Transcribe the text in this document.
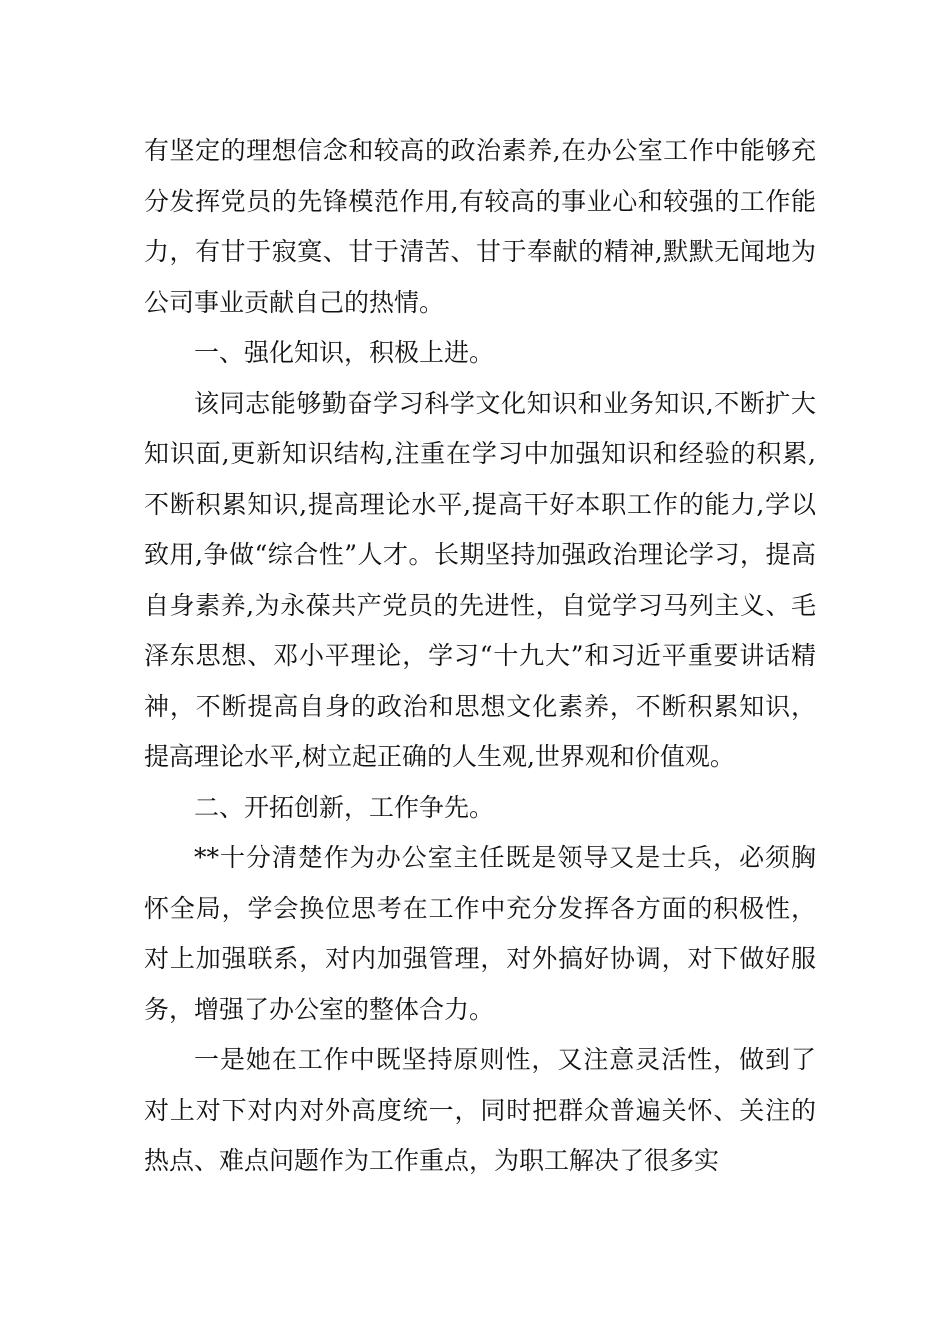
有坚定的理想信念和较高的政治素养,在办公室工作中能够充分发挥党员的先锋模范作用,有较高的事业心和较强的工作能力，有甘于寂寞、甘于清苦、甘于奉献的精神,默默无闻地为公司事业贡献自己的热情。

一、强化知识，积极上进。

该同志能够勤奋学习科学文化知识和业务知识,不断扩大知识面,更新知识结构,注重在学习中加强知识和经验的积累,不断积累知识,提高理论水平,提高干好本职工作的能力,学以致用,争做“综合性”人才。长期坚持加强政治理论学习，提高自身素养,为永葆共产党员的先进性，自觉学习马列主义、毛泽东思想、邓小平理论，学习“十九大”和习近平重要讲话精神，不断提高自身的政治和思想文化素养，不断积累知识，提高理论水平,树立起正确的人生观,世界观和价值观。

二、开拓创新，工作争先。

**十分清楚作为办公室主任既是领导又是士兵，必须胸怀全局，学会换位思考在工作中充分发挥各方面的积极性，对上加强联系，对内加强管理，对外搞好协调，对下做好服务，增强了办公室的整体合力。

一是她在工作中既坚持原则性，又注意灵活性，做到了对上对下对内对外高度统一，同时把群众普遍关怀、关注的热点、难点问题作为工作重点，为职工解决了很多实
